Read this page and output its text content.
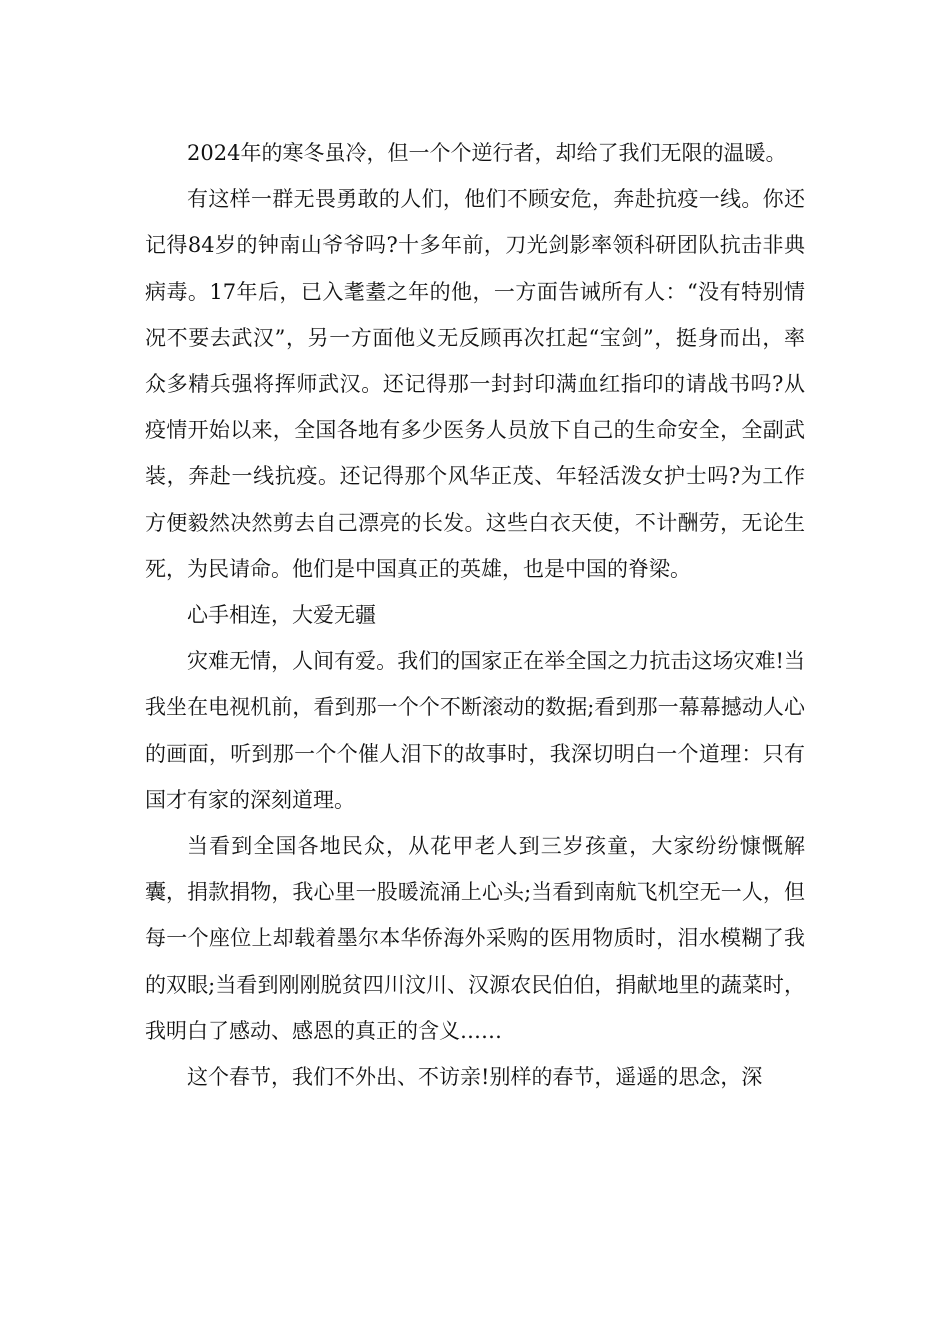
2024年的寒冬虽冷，但一个个逆行者，却给了我们无限的温暖。

有这样一群无畏勇敢的人们，他们不顾安危，奔赴抗疫一线。你还记得84岁的钟南山爷爷吗?十多年前，刀光剑影率领科研团队抗击非典病毒。17年后，已入耄耋之年的他，一方面告诫所有人：“没有特别情况不要去武汉”，另一方面他义无反顾再次扛起“宝剑”，挺身而出，率众多精兵强将挥师武汉。还记得那一封封印满血红指印的请战书吗?从疫情开始以来，全国各地有多少医务人员放下自己的生命安全，全副武装，奔赴一线抗疫。还记得那个风华正茂、年轻活泼女护士吗?为工作方便毅然决然剪去自己漂亮的长发。这些白衣天使，不计酬劳，无论生死，为民请命。他们是中国真正的英雄，也是中国的脊梁。

心手相连，大爱无疆

灾难无情，人间有爱。我们的国家正在举全国之力抗击这场灾难!当我坐在电视机前，看到那一个个不断滚动的数据;看到那一幕幕撼动人心的画面，听到那一个个催人泪下的故事时，我深切明白一个道理：只有国才有家的深刻道理。

当看到全国各地民众，从花甲老人到三岁孩童，大家纷纷慷慨解囊，捐款捐物，我心里一股暖流涌上心头;当看到南航飞机空无一人，但每一个座位上却载着墨尔本华侨海外采购的医用物质时，泪水模糊了我的双眼;当看到刚刚脱贫四川汶川、汉源农民伯伯，捐献地里的蔬菜时，我明白了感动、感恩的真正的含义……

这个春节，我们不外出、不访亲!别样的春节，遥遥的思念，深
